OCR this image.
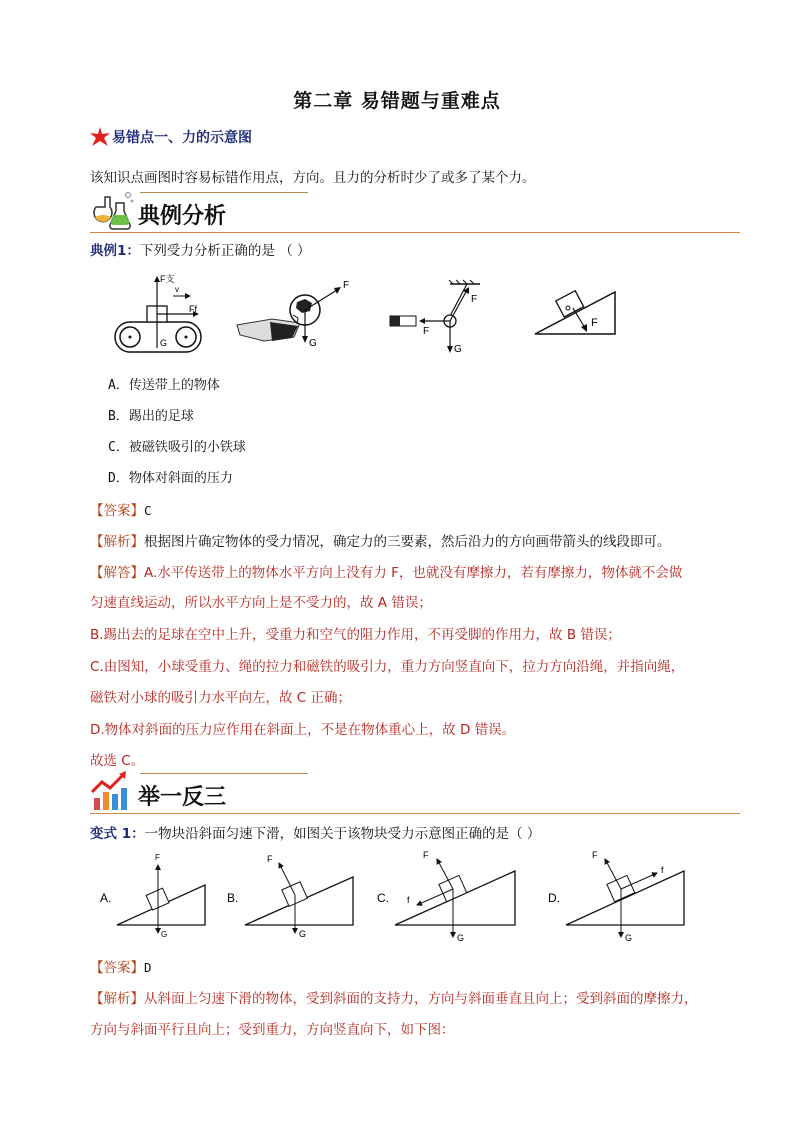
第二章 易错题与重难点
易错点一、力的示意图
该知识点画图时容易标错作用点，方向。且力的分析时少了或多了某个力。
典例分析
典例1：下列受力分析正确的是 （ ）
F支
v
Ff
G
F
G
F
F
G
F
A．传送带上的物体
B．踢出的足球
C．被磁铁吸引的小铁球
D．物体对斜面的压力
【答案】C
【解析】根据图片确定物体的受力情况，确定力的三要素，然后沿力的方向画带箭头的线段即可。
【解答】A.水平传送带上的物体水平方向上没有力 F，也就没有摩擦力，若有摩擦力，物体就不会做
匀速直线运动，所以水平方向上是不受力的，故 A 错误；
B.踢出去的足球在空中上升，受重力和空气的阻力作用，不再受脚的作用力，故 B 错误；
C.由图知，小球受重力、绳的拉力和磁铁的吸引力，重力方向竖直向下，拉力方向沿绳，并指向绳，
磁铁对小球的吸引力水平向左，故 C 正确；
D.物体对斜面的压力应作用在斜面上，不是在物体重心上，故 D 错误。
故选 C。
举一反三
变式 1：一物块沿斜面匀速下滑，如图关于该物块受力示意图正确的是（ ）
A.
F
G
B.
F
G
C.
F
f
G
D.
F
f
G
【答案】D
【解析】从斜面上匀速下滑的物体，受到斜面的支持力，方向与斜面垂直且向上；受到斜面的摩擦力，
方向与斜面平行且向上；受到重力，方向竖直向下，如下图：
